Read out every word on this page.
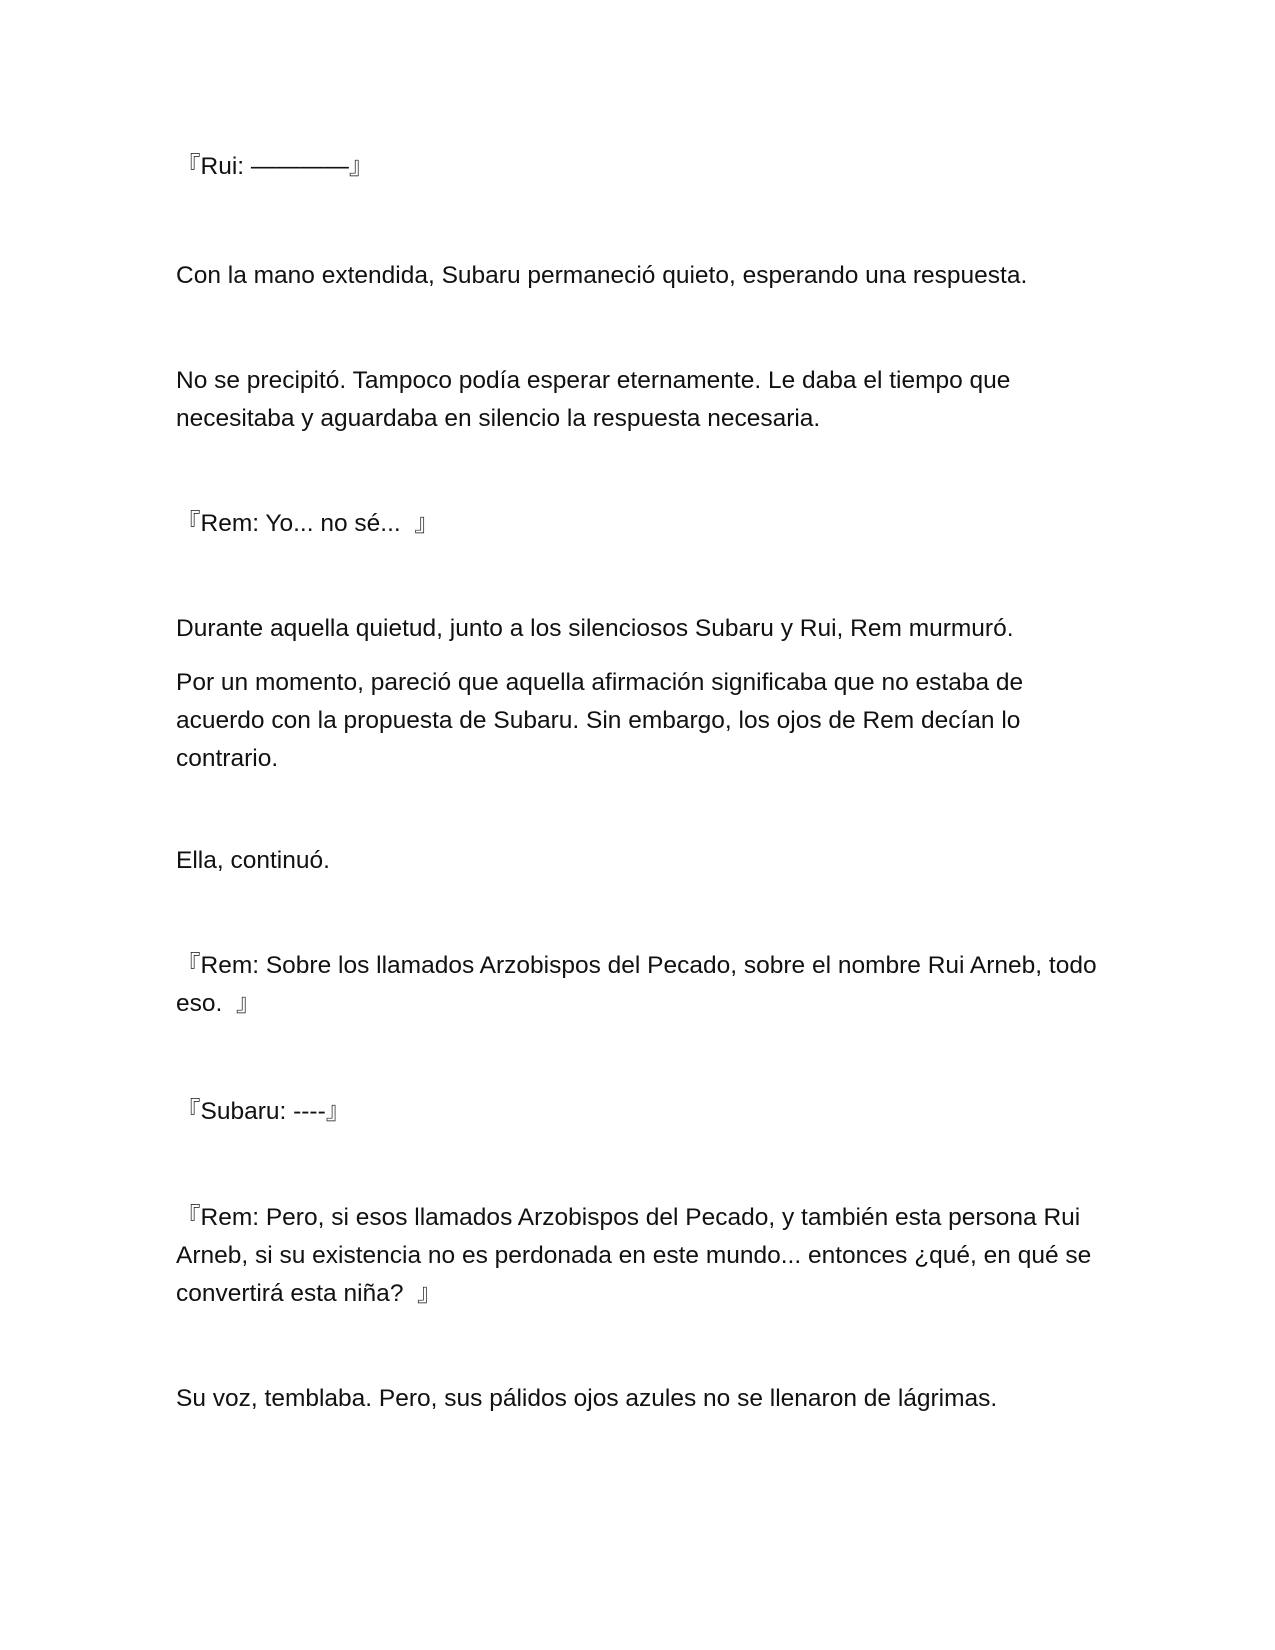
『Rui: ————』

Con la mano extendida, Subaru permaneció quieto, esperando una respuesta.

No se precipitó. Tampoco podía esperar eternamente. Le daba el tiempo que necesitaba y aguardaba en silencio la respuesta necesaria.

『Rem: Yo... no sé...  』

Durante aquella quietud, junto a los silenciosos Subaru y Rui, Rem murmuró.

Por un momento, pareció que aquella afirmación significaba que no estaba de acuerdo con la propuesta de Subaru. Sin embargo, los ojos de Rem decían lo contrario.

Ella, continuó.

『Rem: Sobre los llamados Arzobispos del Pecado, sobre el nombre Rui Arneb, todo eso.  』

『Subaru: ----』

『Rem: Pero, si esos llamados Arzobispos del Pecado, y también esta persona Rui Arneb, si su existencia no es perdonada en este mundo... entonces ¿qué, en qué se convertirá esta niña?  』

Su voz, temblaba. Pero, sus pálidos ojos azules no se llenaron de lágrimas.
